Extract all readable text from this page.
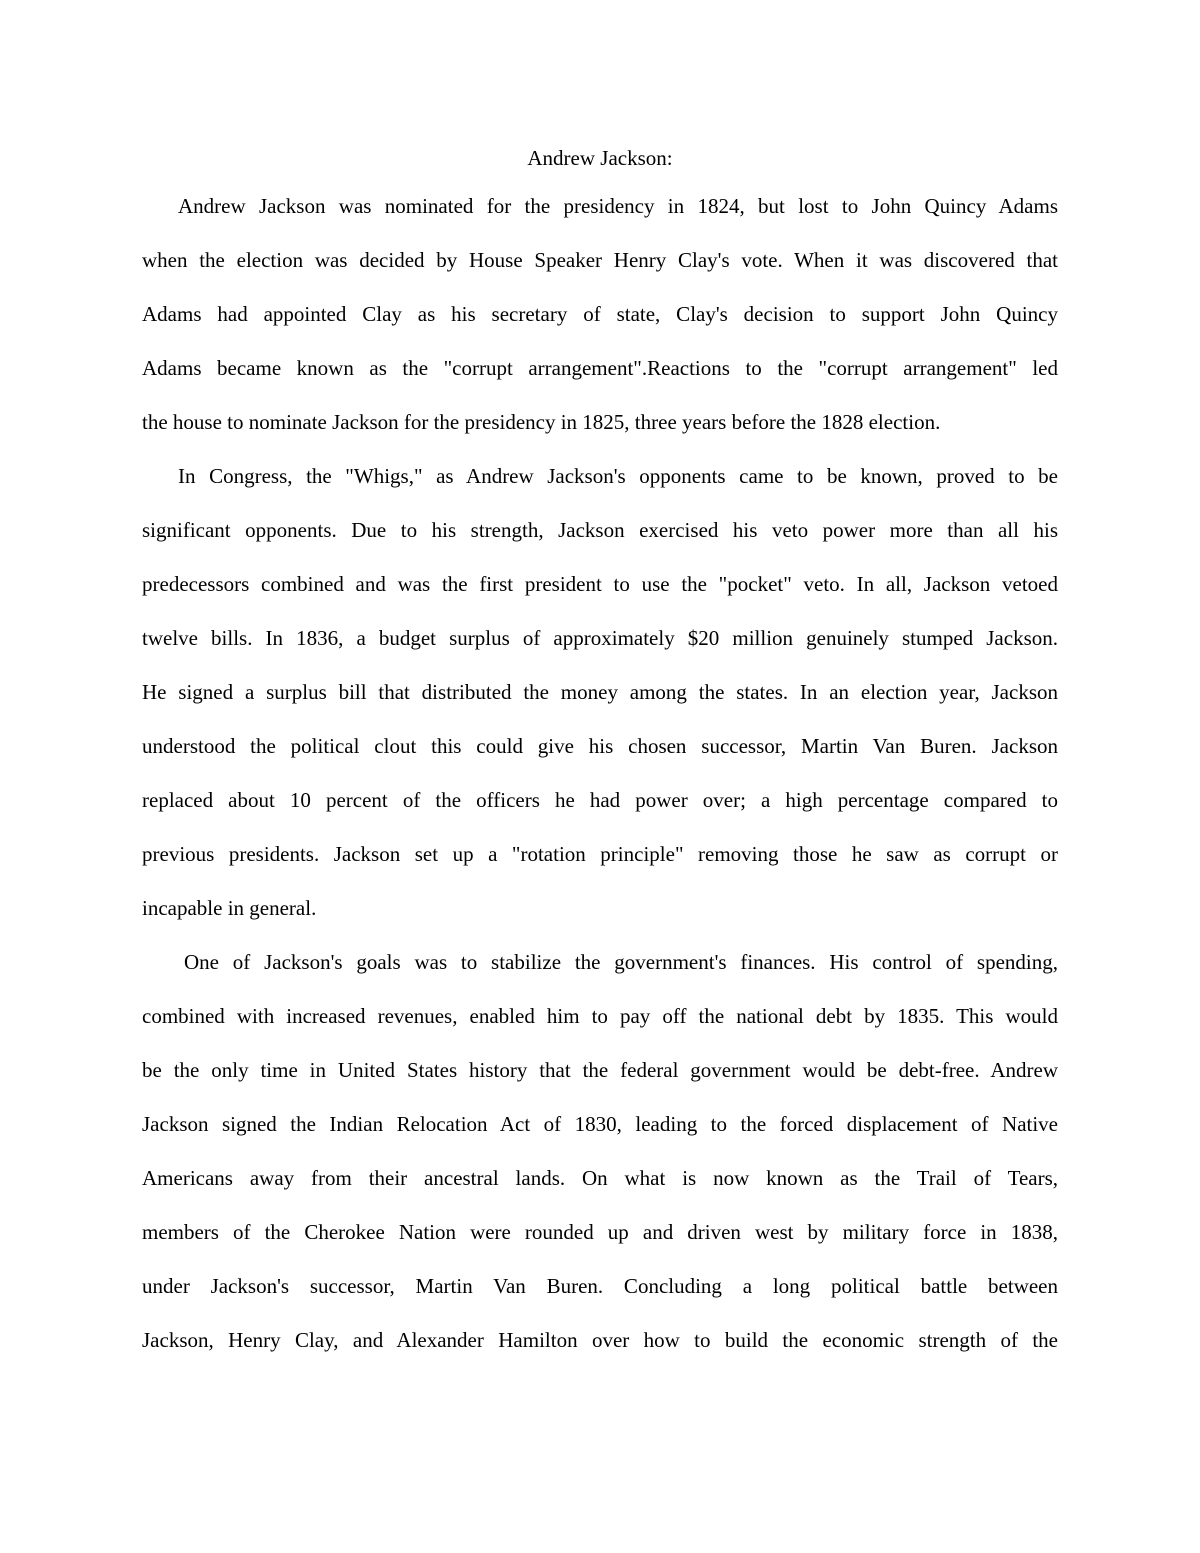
Andrew Jackson:
Andrew Jackson was nominated for the presidency in 1824, but lost to John Quincy Adams
when the election was decided by House Speaker Henry Clay's vote. When it was discovered that
Adams had appointed Clay as his secretary of state, Clay's decision to support John Quincy
Adams became known as the "corrupt arrangement".Reactions to the "corrupt arrangement" led
the house to nominate Jackson for the presidency in 1825, three years before the 1828 election.
In Congress, the "Whigs," as Andrew Jackson's opponents came to be known, proved to be
significant opponents. Due to his strength, Jackson exercised his veto power more than all his
predecessors combined and was the first president to use the "pocket" veto. In all, Jackson vetoed
twelve bills. In 1836, a budget surplus of approximately $20 million genuinely stumped Jackson.
He signed a surplus bill that distributed the money among the states. In an election year, Jackson
understood the political clout this could give his chosen successor, Martin Van Buren. Jackson
replaced about 10 percent of the officers he had power over; a high percentage compared to
previous presidents. Jackson set up a "rotation principle" removing those he saw as corrupt or
incapable in general.
One of Jackson's goals was to stabilize the government's finances. His control of spending,
combined with increased revenues, enabled him to pay off the national debt by 1835. This would
be the only time in United States history that the federal government would be debt-free. Andrew
Jackson signed the Indian Relocation Act of 1830, leading to the forced displacement of Native
Americans away from their ancestral lands. On what is now known as the Trail of Tears,
members of the Cherokee Nation were rounded up and driven west by military force in 1838,
under Jackson's successor, Martin Van Buren. Concluding a long political battle between
Jackson, Henry Clay, and Alexander Hamilton over how to build the economic strength of the
